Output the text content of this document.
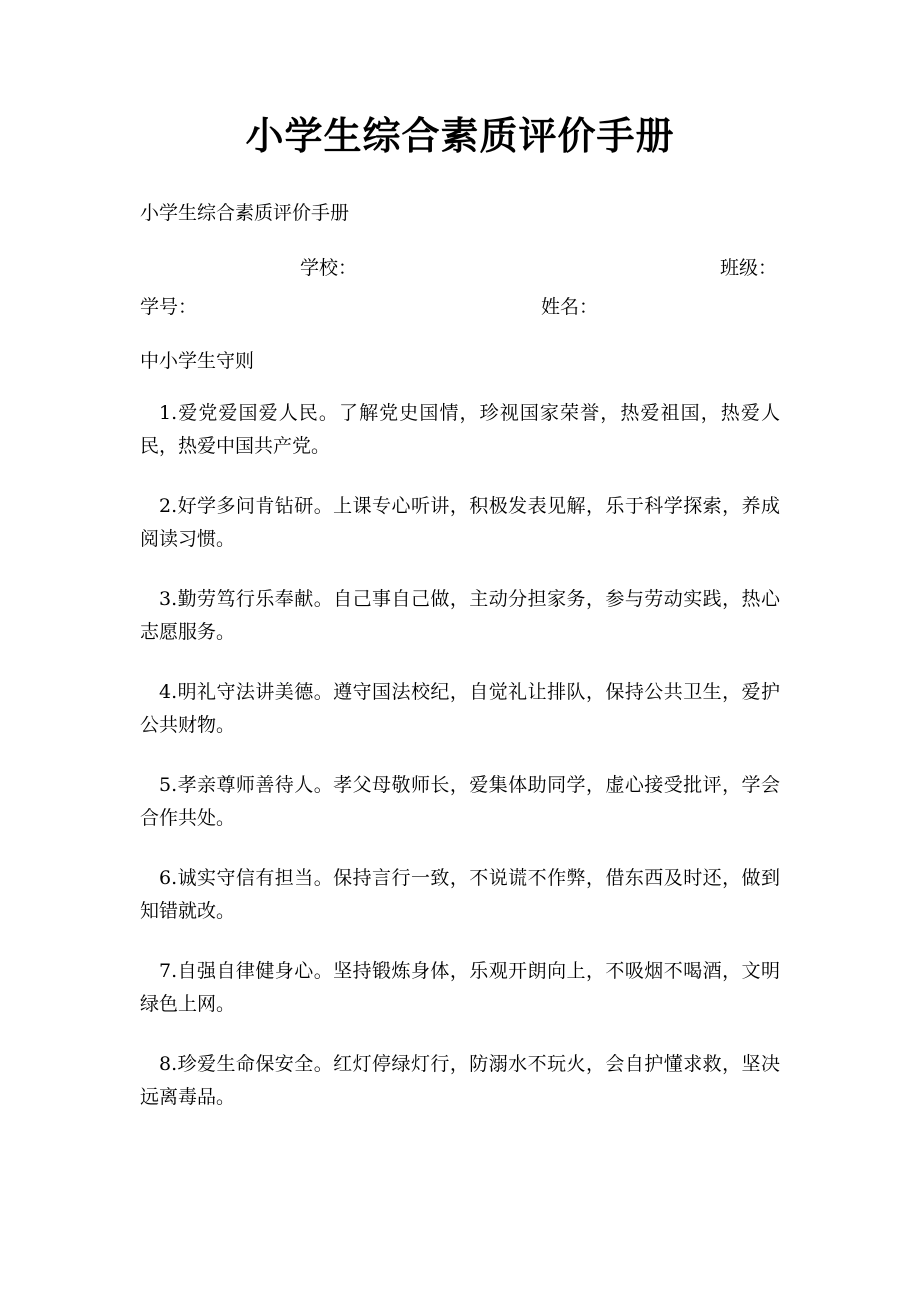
小学生综合素质评价手册
小学生综合素质评价手册
学校：	班级：
学号：	姓名：
中小学生守则
1.爱党爱国爱人民。了解党史国情，珍视国家荣誉，热爱祖国，热爱人民，热爱中国共产党。
2.好学多问肯钻研。上课专心听讲，积极发表见解，乐于科学探索，养成阅读习惯。
3.勤劳笃行乐奉献。自己事自己做，主动分担家务，参与劳动实践，热心志愿服务。
4.明礼守法讲美德。遵守国法校纪，自觉礼让排队，保持公共卫生，爱护公共财物。
5.孝亲尊师善待人。孝父母敬师长，爱集体助同学，虚心接受批评，学会合作共处。
6.诚实守信有担当。保持言行一致，不说谎不作弊，借东西及时还，做到知错就改。
7.自强自律健身心。坚持锻炼身体，乐观开朗向上，不吸烟不喝酒，文明绿色上网。
8.珍爱生命保安全。红灯停绿灯行，防溺水不玩火，会自护懂求救，坚决远离毒品。
